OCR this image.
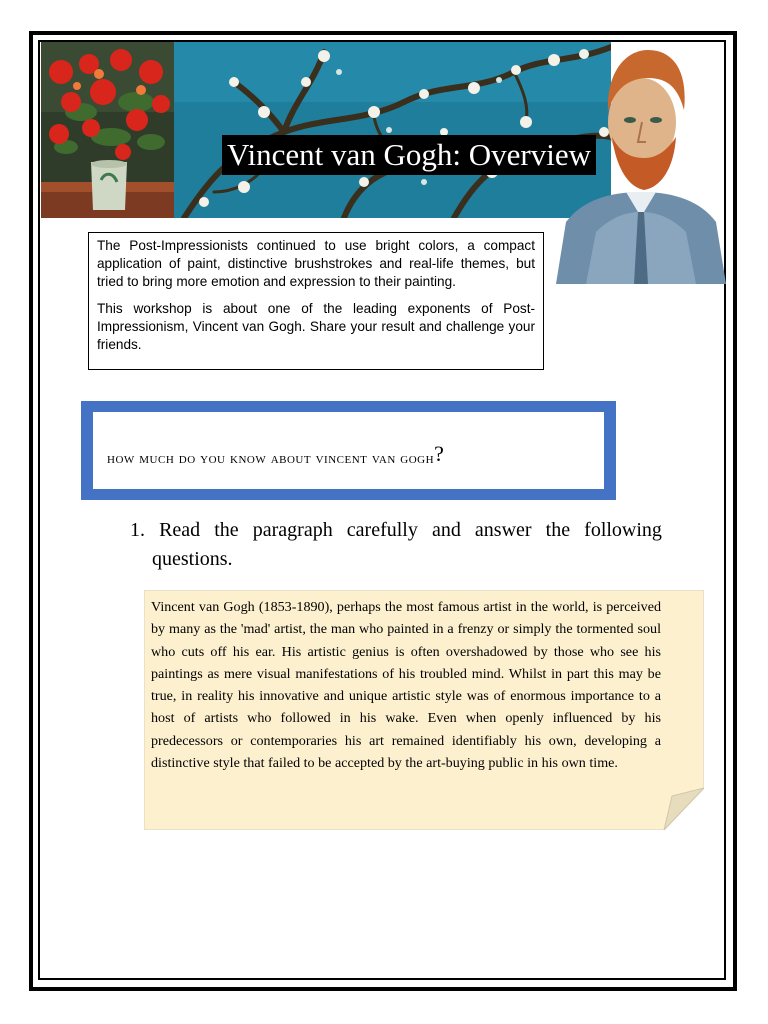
Vincent van Gogh: Overview

The Post-Impressionists continued to use bright colors, a compact application of paint, distinctive brushstrokes and real-life themes, but tried to bring more emotion and expression to their painting.

This workshop is about one of the leading exponents of Post-Impressionism, Vincent van Gogh. Share your result and challenge your friends.

how much do you know about vincent van gogh ?
1. Read the paragraph carefully and answer the following
questions.
Vincent van Gogh (1853-1890), perhaps the most famous artist in the world, is perceived by many as the 'mad' artist, the man who painted in a frenzy or simply the tormented soul who cuts off his ear. His artistic genius is often overshadowed by those who see his paintings as mere visual manifestations of his troubled mind. Whilst in part this may be true, in reality his innovative and unique artistic style was of enormous importance to a host of artists who followed in his wake. Even when openly influenced by his predecessors or contemporaries his art remained identifiably his own, developing a distinctive style that failed to be accepted by the art-buying public in his own time.
